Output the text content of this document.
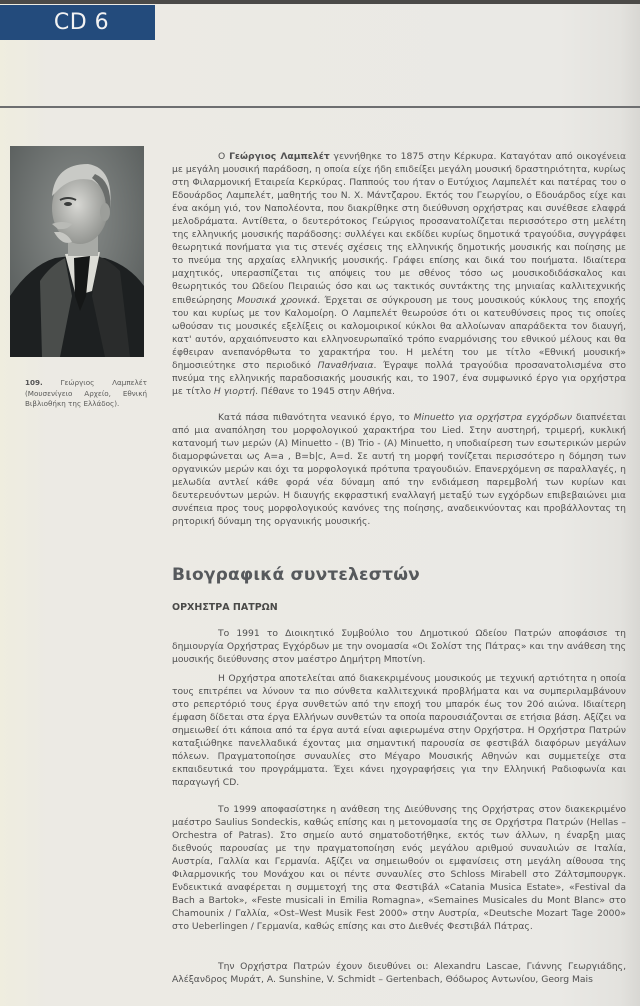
CD 6
109. Γεώργιος Λαμπελέτ (Μουσενίγειο Αρχείο, Εθνική Βιβλιοθήκη της Ελλάδος).

Ο Γεώργιος Λαμπελέτ γεννήθηκε το 1875 στην Κέρκυρα. Καταγόταν από οικογένεια με μεγάλη μουσική παράδοση, η οποία είχε ήδη επιδείξει μεγάλη μουσική δραστηριότητα, κυρίως στη Φιλαρμονική Εταιρεία Κερκύρας. Παππούς του ήταν ο Ευτύχιος Λαμπελέτ και πατέρας του ο Εδουάρδος Λαμπελέτ, μαθητής του Ν. Χ. Μάντζαρου. Εκτός του Γεωργίου, ο Εδουάρδος είχε και ένα ακόμη γιό, τον Ναπολέοντα, που διακρίθηκε στη διεύθυνση ορχήστρας και συνέθεσε ελαφρά μελοδράματα. Αντίθετα, ο δευτερότοκος Γεώργιος προσανατολίζεται περισσότερο στη μελέτη της ελληνικής μουσικής παράδοσης: συλλέγει και εκδίδει κυρίως δημοτικά τραγούδια, συγγράφει θεωρητικά πονήματα για τις στενές σχέσεις της ελληνικής δημοτικής μουσικής και ποίησης με το πνεύμα της αρχαίας ελληνικής μουσικής. Γράφει επίσης και δικά του ποιήματα. Ιδιαίτερα μαχητικός, υπερασπίζεται τις απόψεις του με σθένος τόσο ως μουσικοδιδάσκαλος και θεωρητικός του Ωδείου Πειραιώς όσο και ως τακτικός συντάκτης της μηνιαίας καλλιτεχνικής επιθεώρησης Μουσικά χρονικά. Έρχεται σε σύγκρουση με τους μουσικούς κύκλους της εποχής του και κυρίως με τον Καλομοίρη. Ο Λαμπελέτ θεωρούσε ότι οι κατευθύνσεις προς τις οποίες ωθούσαν τις μουσικές εξελίξεις οι καλομοιρικοί κύκλοι θα αλλοίωναν απαράδεκτα τον διαυγή, κατ' αυτόν, αρχαιόπνευστο και ελληνοευρωπαϊκό τρόπο εναρμόνισης του εθνικού μέλους και θα έφθειραν ανεπανόρθωτα το χαρακτήρα του. Η μελέτη του με τίτλο «Εθνική μουσική» δημοσιεύτηκε στο περιοδικό Παναθήναια. Έγραψε πολλά τραγούδια προσανατολισμένα στο πνεύμα της ελληνικής παραδοσιακής μουσικής και, το 1907, ένα συμφωνικό έργο για ορχήστρα με τίτλο Η γιορτή. Πέθανε το 1945 στην Αθήνα.

Κατά πάσα πιθανότητα νεανικό έργο, το Minuetto για ορχήστρα εγχόρδων διαπνέεται από μια αναπόληση του μορφολογικού χαρακτήρα του Lied. Στην αυστηρή, τριμερή, κυκλική κατανομή των μερών (A) Minuetto - (B) Trio - (A) Minuetto, η υποδιαίρεση των εσωτερικών μερών διαμορφώνεται ως A=a , B=b|c, A=d. Σε αυτή τη μορφή τονίζεται περισσότερο η δόμηση των οργανικών μερών και όχι τα μορφολογικά πρότυπα τραγουδιών. Επανερχόμενη σε παραλλαγές, η μελωδία αντλεί κάθε φορά νέα δύναμη από την ενδιάμεση παρεμβολή των κυρίων και δευτερευόντων μερών. Η διαυγής εκφραστική εναλλαγή μεταξύ των εγχόρδων επιβεβαιώνει μια συνέπεια προς τους μορφολογικούς κανόνες της ποίησης, αναδεικνύοντας και προβάλλοντας τη ρητορική δύναμη της οργανικής μουσικής.

Βιογραφικά συντελεστών
ΟΡΧΗΣΤΡΑ ΠΑΤΡΩΝ

Το 1991 το Διοικητικό Συμβούλιο του Δημοτικού Ωδείου Πατρών αποφάσισε τη δημιουργία Ορχήστρας Εγχόρδων με την ονομασία «Οι Σολίστ της Πάτρας» και την ανάθεση της μουσικής διεύθυνσης στον μαέστρο Δημήτρη Μποτίνη.

Η Ορχήστρα αποτελείται από διακεκριμένους μουσικούς με τεχνική αρτιότητα η οποία τους επιτρέπει να λύνουν τα πιο σύνθετα καλλιτεχνικά προβλήματα και να συμπεριλαμβάνουν στο ρεπερτόριό τους έργα συνθετών από την εποχή του μπαρόκ έως τον 20ό αιώνα. Ιδιαίτερη έμφαση δίδεται στα έργα Ελλήνων συνθετών τα οποία παρουσιάζονται σε ετήσια βάση. Αξίζει να σημειωθεί ότι κάποια από τα έργα αυτά είναι αφιερωμένα στην Ορχήστρα. Η Ορχήστρα Πατρών καταξιώθηκε πανελλαδικά έχοντας μια σημαντική παρουσία σε φεστιβάλ διαφόρων μεγάλων πόλεων. Πραγματοποίησε συναυλίες στο Μέγαρο Μουσικής Αθηνών και συμμετείχε στα εκπαιδευτικά του προγράμματα. Έχει κάνει ηχογραφήσεις για την Ελληνική Ραδιοφωνία και παραγωγή CD.

Το 1999 αποφασίστηκε η ανάθεση της Διεύθυνσης της Ορχήστρας στον διακεκριμένο μαέστρο Saulius Sondeckis, καθώς επίσης και η μετονομασία της σε Ορχήστρα Πατρών (Hellas – Orchestra of Patras). Στο σημείο αυτό σηματοδοτήθηκε, εκτός των άλλων, η έναρξη μιας διεθνούς παρουσίας με την πραγματοποίηση ενός μεγάλου αριθμού συναυλιών σε Ιταλία, Αυστρία, Γαλλία και Γερμανία. Αξίζει να σημειωθούν οι εμφανίσεις στη μεγάλη αίθουσα της Φιλαρμονικής του Μονάχου και οι πέντε συναυλίες στο Schloss Mirabell στο Ζάλτσμπουργκ. Ενδεικτικά αναφέρεται η συμμετοχή της στα Φεστιβάλ «Catania Musica Estate», «Festival da Bach a Bartok», «Feste musicali in Emilia Romagna», «Semaines Musicales du Mont Blanc» στο Chamounix / Γαλλία, «Ost–West Musik Fest 2000» στην Αυστρία, «Deutsche Mozart Tage 2000» στο Ueberlingen / Γερμανία, καθώς επίσης και στο Διεθνές Φεστιβάλ Πάτρας.

Την Ορχήστρα Πατρών έχουν διευθύνει οι: Alexandru Lascae, Γιάννης Γεωργιάδης, Αλέξανδρος Μυράτ, A. Sunshine, V. Schmidt – Gertenbach, Θόδωρος Αντωνίου, Georg Mais
